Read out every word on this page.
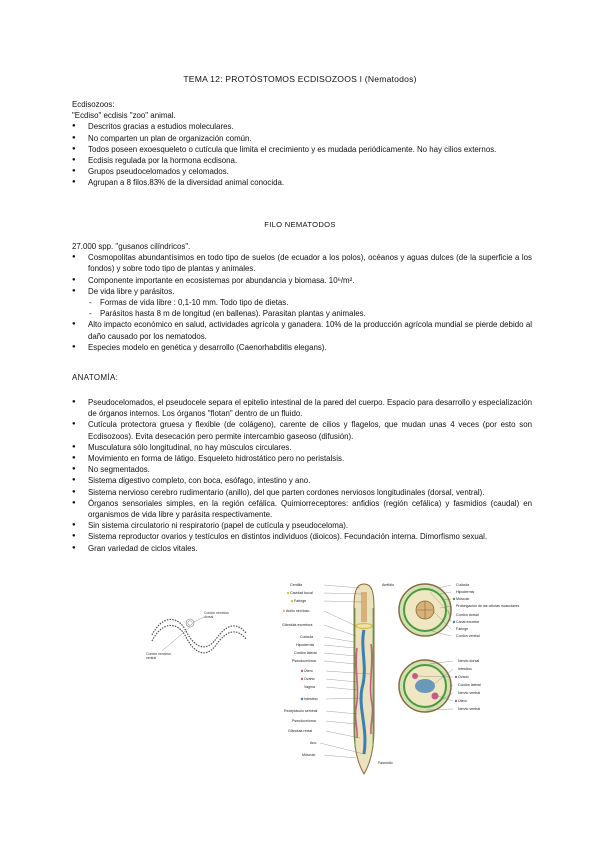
TEMA 12: PROTÓSTOMOS ECDISOZOOS I (Nematodos)

Ecdisozoos:

"Ecdiso" ecdisis "zoo" animal.

● Descritos gracias a estudios moleculares.
● No comparten un plan de organización común.
● Todos poseen exoesqueleto o cutícula que limita el crecimiento y es mudada periódicamente. No hay cilios externos.
● Ecdisis regulada por la hormona ecdisona.
● Grupos pseudocelomados y celomados.
● Agrupan a 8 filos.83% de la diversidad animal conocida.
FILO NEMATODOS

27.000 spp. "gusanos cilíndricos".

● Cosmopolitas abundantísimos en todo tipo de suelos (de ecuador a los polos), océanos y aguas dulces (de la superficie a los fondos) y sobre todo tipo de plantas y animales.
● Componente importante en ecosistemas por abundancia y biomasa. 10⁶/m².
● De vida libre y parásitos.
- Formas de vida libre : 0,1-10 mm. Todo tipo de dietas.
- Parásitos hasta 8 m de longitud (en ballenas). Parasitan plantas y animales.
● Alto impacto económico en salud, actividades agrícola y ganadera. 10% de la producción agrícola mundial se pierde debido al daño causado por los nematodos.
● Especies modelo en genética y desarrollo (Caenorhabditis elegans).
ANATOMÍA:
● Pseudocelomados, el pseudocele separa el epitelio intestinal de la pared del cuerpo. Espacio para desarrollo y especialización de órganos internos. Los órganos "flotan" dentro de un fluido.
● Cutícula protectora gruesa y flexible (de colágeno), carente de cilios y flagelos, que mudan unas 4 veces (por esto son Ecdisozoos). Evita desecación pero permite intercambio gaseoso (difusión).
● Musculatura sólo longitudinal, no hay músculos circulares.
● Movimiento en forma de látigo. Esqueleto hidrostático pero no peristalsis.
● No segmentados.
● Sistema digestivo completo, con boca, esófago, intestino y ano.
● Sistema nervioso cerebro rudimentario (anillo), del que parten cordones nerviosos longitudinales (dorsal, ventral).
● Órganos sensoriales simples, en la región cefálica. Quimiorreceptores: anfidios (región cefálica) y fasmidios (caudal) en organismos de vida libre y parásita respectivamente.
● Sin sistema circulatorio ni respiratorio (papel de cutícula y pseudoceloma).
● Sistema reproductor ovarios y testículos en distintos individuos (dioicos). Fecundación interna. Dimorfismo sexual.
● Gran variedad de ciclos vitales.
Cordón nervioso
dorsal
Cordón nervioso
ventral
Cerdilla
Cavidad bucal
Faringe
Anillo nervioso
Glándula excretora
Cutícula
Hipodermis
Cordón lateral
Pseudoceloma
Útero
Ovario
Vagina
Intestino
Receptáculo seminal
Pseudoceloma
Glándula rectal
Ano
Músculo
Amfidio	Cutícula
Hipodermis
Músculo
Prolongación de las células musculares
Cordón dorsal
Canal excretor
Faringe
Cordón ventral
Nervio dorsal
Intestino
Ovario
Cordón lateral
Nervio ventral
Útero
Nervio ventral
Fasmidio
